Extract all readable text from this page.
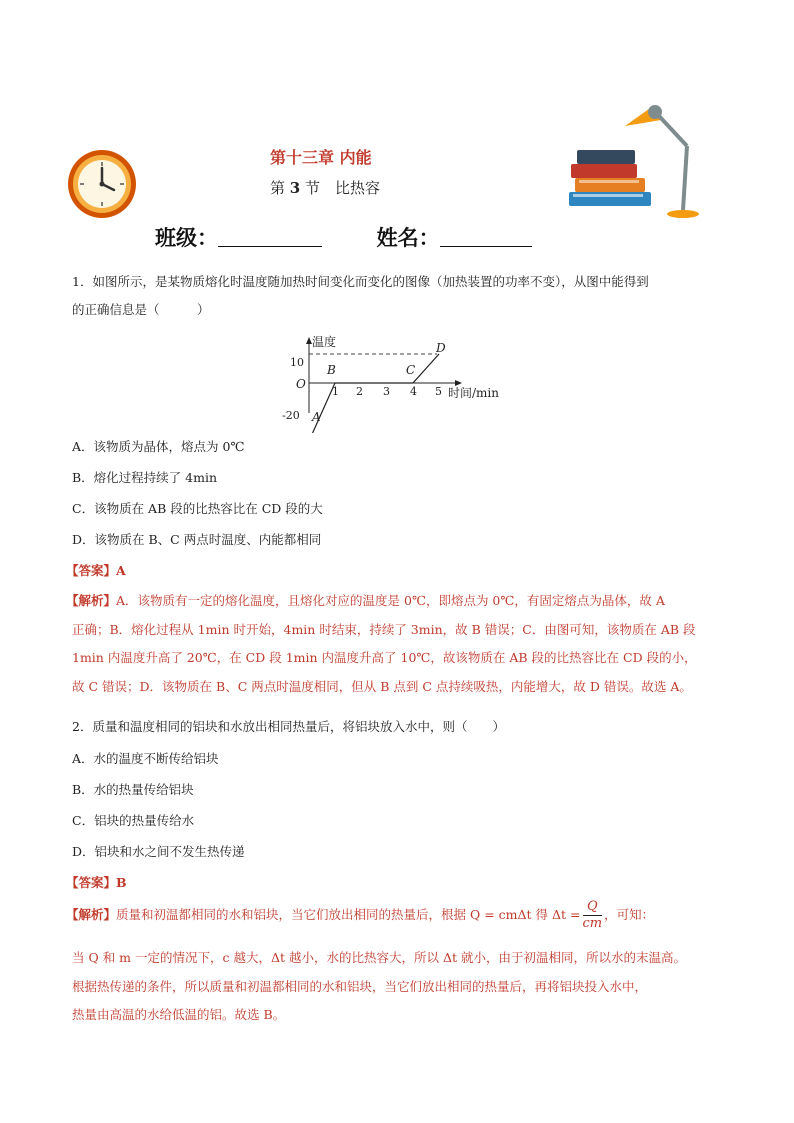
第十三章 内能
第 3 节　比热容
班级：	姓名：
1．如图所示，是某物质熔化时温度随加热时间变化而变化的图像（加热装置的功率不变），从图中能得到
的正确信息是（　　　）
温度
时间/min
O
10
-20
1 2 3 4 5
A
B	C
D
A．该物质为晶体，熔点为 0℃
B．熔化过程持续了 4min
C．该物质在 AB 段的比热容比在 CD 段的大
D．该物质在 B、C 两点时温度、内能都相同
【答案】A
【解析】A．该物质有一定的熔化温度，且熔化对应的温度是 0℃，即熔点为 0℃，有固定熔点为晶体，故 A
正确；B．熔化过程从 1min 时开始，4min 时结束，持续了 3min，故 B 错误；C．由图可知，该物质在 AB 段
1min 内温度升高了 20℃，在 CD 段 1min 内温度升高了 10℃，故该物质在 AB 段的比热容比在 CD 段的小，
故 C 错误；D．该物质在 B、C 两点时温度相同，但从 B 点到 C 点持续吸热，内能增大，故 D 错误。故选 A。
2．质量和温度相同的铝块和水放出相同热量后，将铝块放入水中，则（　　）
A．水的温度不断传给铝块
B．水的热量传给铝块
C．铝块的热量传给水
D．铝块和水之间不发生热传递
【答案】B
【解析】质量和初温都相同的水和铝块，当它们放出相同的热量后，根据 Q = cmΔt 得 $\Delta t = \frac{Q}{cm}$ ，可知：
当 Q 和 m 一定的情况下，c 越大，Δt 越小，水的比热容大，所以 Δt 就小，由于初温相同，所以水的末温高。
根据热传递的条件，所以质量和初温都相同的水和铝块，当它们放出相同的热量后，再将铝块投入水中，
热量由高温的水给低温的铝。故选 B。
